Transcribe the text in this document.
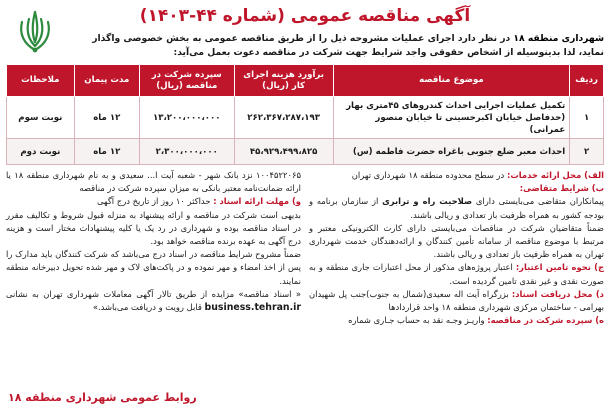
آگهی مناقصه عمومی (شماره ۴۴-۱۴۰۳)
شهرداری منطقه ۱۸ در نظر دارد اجرای عملیات مشروحه ذیل را از طریق مناقصه عمومی به بخش خصوصی واگذار نماید، لذا بدینوسیله از اشخاص حقوقی واجد شرایط جهت شرکت در مناقصه دعوت بعمل می‌آید:
ردیف	موضوع مناقصه	برآورد هزینه اجرای کار (ریال)	سپرده شرکت در مناقصه (ریال)	مدت پیمان	ملاحظات
۱	تکمیل عملیات اجرایی احداث کندروهای ۴۵متری بهار (حدفاصل خیابان اکبرحسینی تا خیابان منصور عمرانی)	۲۶۲،۳۶۷،۲۸۷،۱۹۳	۱۳،۲۰۰،۰۰۰،۰۰۰	۱۲ ماه	نوبت سوم
۲	احداث معبر ضلع جنوبی باغراه حضرت فاطمه (س)	۴۵،۹۲۹،۴۹۹،۸۲۵	۲،۳۰۰،۰۰۰،۰۰۰	۱۲ ماه	نوبت دوم

الف) محل ارائه خدمات: در سطح محدوده منطقه ۱۸ شهرداری تهران

ب) شرایط متقاضی:

پیمانکاران متقاضی می‌بایستی دارای صلاحیت راه و ترابری از سازمان برنامه و بودجه کشور به همراه ظرفیت باز تعدادی و ریالی باشند.

ضمناً متقاضیان شرکت در مناقصات می‌بایستی دارای کارت الکترونیکی معتبر و مرتبط با موضوع مناقصه از سامانه تأمین کنندگان و ارائه‌دهندگان خدمت شهرداری تهران به همراه ظرفیت باز تعدادی و ریالی باشند.

ج) نحوه تامین اعتبار: اعتبار پروژه‌های مذکور از محل اعتبارات جاری منطقه و به صورت نقدی و غیر نقدی تامین گردیده است.

د) محل دریافت اسناد: بزرگراه آیت اله سعیدی(شمال به جنوب)جنب پل شهیدان بهرامی - ساختمان مرکزی شهرداری منطقه ۱۸ واحد قراردادها

ه) سپرده شرکت در مناقصه: واریـز وجـه نقد به حساب جـاری شماره

۱۰۰۴۵۲۲۰۶۵ نزد بانک شهر - شعبه آیت ا... سعیدی و به نام شهرداری منطقه ۱۸ یا ارائه ضمانت‌نامه معتبر بانکی به میزان سپرده شرکت در مناقصه

و) مهلت ارائه اسناد : حداکثر ۱۰ روز از تاریخ درج آگهی

بدیهی است شرکت در مناقصه و ارائه پیشنهاد به منزله قبول شروط و تکالیف مقرر در اسناد مناقصه بوده و شهرداری در رد یک یا کلیه پیشنهادات مختار است و هزینه درج آگهی به عهده برنده مناقصه خواهد بود.

ضمناً مشروح شرایط مناقصه در اسناد درج می‌باشد که شرکت کنندگان باید مدارک را پس از اخذ امضاء و مهر نموده و در پاکت‌های لاک و مهر شده تحویل دبیرخانه منطقه نمایند.

« اسناد مناقصه» مزایده از طریق تالار آگهی معاملات شهرداری تهران به نشانی business.tehran.ir قابل رویت و دریافت می‌باشد.»

روابط عمومی شهرداری منطقه ۱۸
